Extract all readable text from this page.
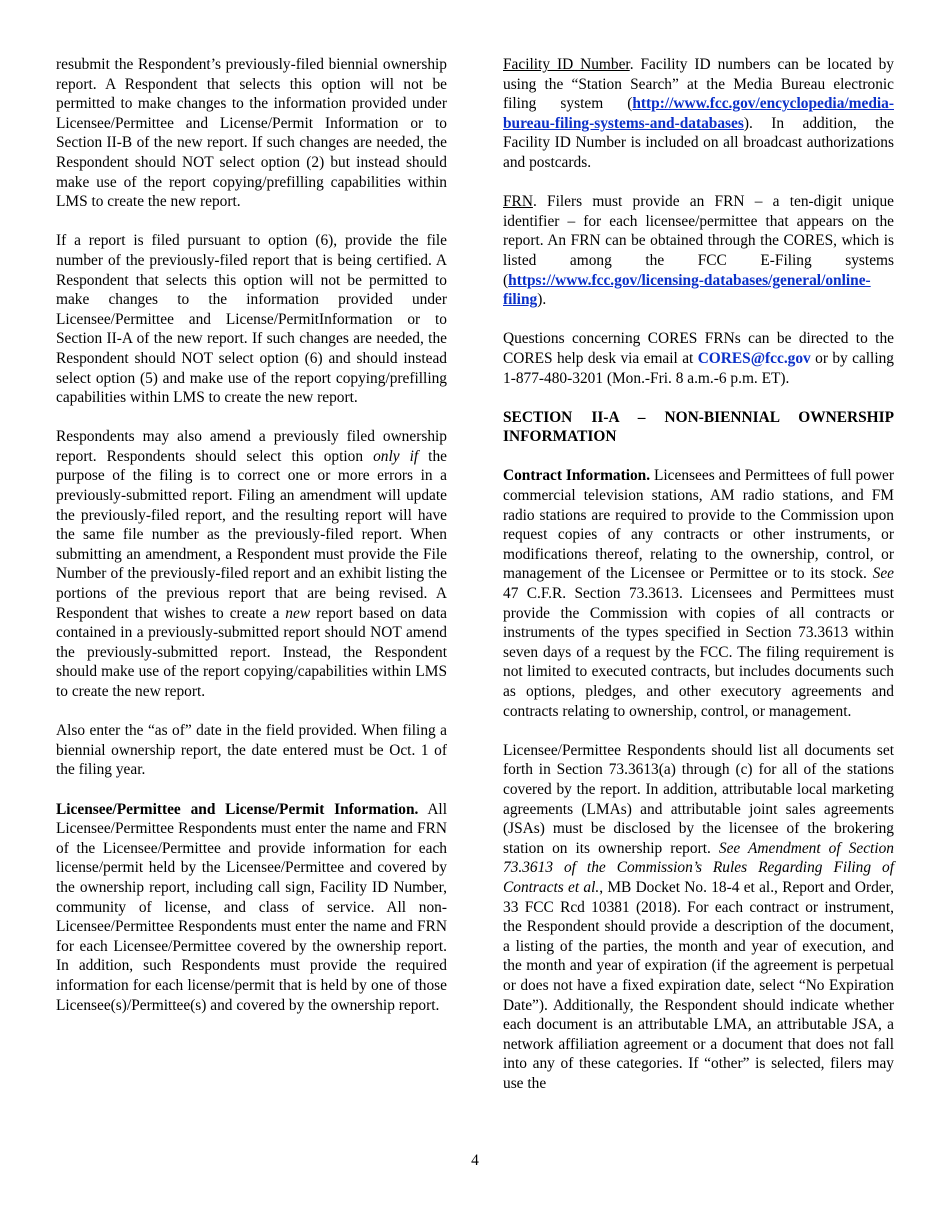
resubmit the Respondent’s previously-filed biennial ownership report. A Respondent that selects this option will not be permitted to make changes to the information provided under Licensee/Permittee and License/Permit Information or to Section II-B of the new report. If such changes are needed, the Respondent should NOT select option (2) but instead should make use of the report copying/prefilling capabilities within LMS to create the new report.

If a report is filed pursuant to option (6), provide the file number of the previously-filed report that is being certified. A Respondent that selects this option will not be permitted to make changes to the information provided under Licensee/Permittee and License/PermitInformation or to Section II-A of the new report. If such changes are needed, the Respondent should NOT select option (6) and should instead select option (5) and make use of the report copying/prefilling capabilities within LMS to create the new report.

Respondents may also amend a previously filed ownership report. Respondents should select this option only if the purpose of the filing is to correct one or more errors in a previously-submitted report. Filing an amendment will update the previously-filed report, and the resulting report will have the same file number as the previously-filed report. When submitting an amendment, a Respondent must provide the File Number of the previously-filed report and an exhibit listing the portions of the previous report that are being revised. A Respondent that wishes to create a new report based on data contained in a previously-submitted report should NOT amend the previously-submitted report. Instead, the Respondent should make use of the report copying/capabilities within LMS to create the new report.

Also enter the “as of” date in the field provided. When filing a biennial ownership report, the date entered must be Oct. 1 of the filing year.

Licensee/Permittee and License/Permit Information. All Licensee/Permittee Respondents must enter the name and FRN of the Licensee/Permittee and provide information for each license/permit held by the Licensee/Permittee and covered by the ownership report, including call sign, Facility ID Number, community of license, and class of service. All non-Licensee/Permittee Respondents must enter the name and FRN for each Licensee/Permittee covered by the ownership report. In addition, such Respondents must provide the required information for each license/permit that is held by one of those Licensee(s)/Permittee(s) and covered by the ownership report.

Facility ID Number. Facility ID numbers can be located by using the “Station Search” at the Media Bureau electronic filing system (http://www.fcc.gov/encyclopedia/media-bureau-filing-systems-and-databases). In addition, the Facility ID Number is included on all broadcast authorizations and postcards.

FRN. Filers must provide an FRN – a ten-digit unique identifier – for each licensee/permittee that appears on the report. An FRN can be obtained through the CORES, which is listed among the FCC E-Filing systems (https://www.fcc.gov/licensing-databases/general/online-filing).

Questions concerning CORES FRNs can be directed to the CORES help desk via email at CORES@fcc.gov or by calling 1-877-480-3201 (Mon.-Fri. 8 a.m.-6 p.m. ET).

SECTION II-A – NON-BIENNIAL OWNERSHIP INFORMATION

Contract Information. Licensees and Permittees of full power commercial television stations, AM radio stations, and FM radio stations are required to provide to the Commission upon request copies of any contracts or other instruments, or modifications thereof, relating to the ownership, control, or management of the Licensee or Permittee or to its stock. See 47 C.F.R. Section 73.3613. Licensees and Permittees must provide the Commission with copies of all contracts or instruments of the types specified in Section 73.3613 within seven days of a request by the FCC. The filing requirement is not limited to executed contracts, but includes documents such as options, pledges, and other executory agreements and contracts relating to ownership, control, or management.

Licensee/Permittee Respondents should list all documents set forth in Section 73.3613(a) through (c) for all of the stations covered by the report. In addition, attributable local marketing agreements (LMAs) and attributable joint sales agreements (JSAs) must be disclosed by the licensee of the brokering station on its ownership report. See Amendment of Section 73.3613 of the Commission’s Rules Regarding Filing of Contracts et al., MB Docket No. 18-4 et al., Report and Order, 33 FCC Rcd 10381 (2018). For each contract or instrument, the Respondent should provide a description of the document, a listing of the parties, the month and year of execution, and the month and year of expiration (if the agreement is perpetual or does not have a fixed expiration date, select “No Expiration Date”). Additionally, the Respondent should indicate whether each document is an attributable LMA, an attributable JSA, a network affiliation agreement or a document that does not fall into any of these categories. If “other” is selected, filers may use the

4
